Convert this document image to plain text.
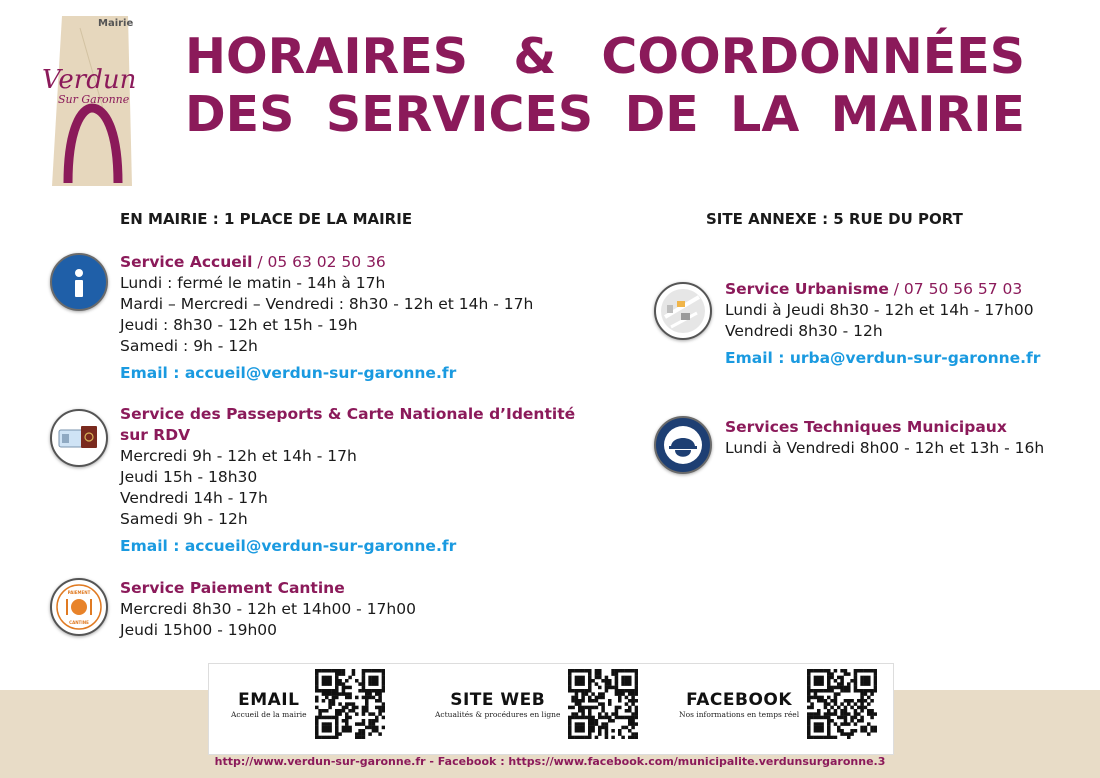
Mairie
Verdun
Sur Garonne
HORAIRES & COORDONNÉES
DES SERVICES DE LA MAIRIE
EN MAIRIE : 1 PLACE DE LA MAIRIE	SITE ANNEXE : 5 RUE DU PORT
Service Accueil / 05 63 02 50 36
Lundi : fermé le matin - 14h à 17h
Mardi – Mercredi – Vendredi : 8h30 - 12h et 14h - 17h
Jeudi : 8h30 - 12h et 15h - 19h
Samedi : 9h - 12h
Email : accueil@verdun-sur-garonne.fr
Service des Passeports & Carte Nationale d’Identité
sur RDV
Mercredi 9h - 12h et 14h - 17h
Jeudi 15h - 18h30
Vendredi 14h - 17h
Samedi 9h - 12h
Email : accueil@verdun-sur-garonne.fr
PAIEMENT
CANTINE
Service Paiement Cantine
Mercredi 8h30 - 12h et 14h00 - 17h00
Jeudi 15h00 - 19h00
Service Urbanisme / 07 50 56 57 03
Lundi à Jeudi 8h30 - 12h et 14h - 17h00
Vendredi 8h30 - 12h
Email : urba@verdun-sur-garonne.fr
Services Techniques Municipaux
Lundi à Vendredi 8h00 - 12h et 13h - 16h
EMAIL
Accueil de la mairie
SITE WEB
Actualités & procédures en ligne
FACEBOOK
Nos informations en temps réel
http://www.verdun-sur-garonne.fr - Facebook : https://www.facebook.com/municipalite.verdunsurgaronne.3
